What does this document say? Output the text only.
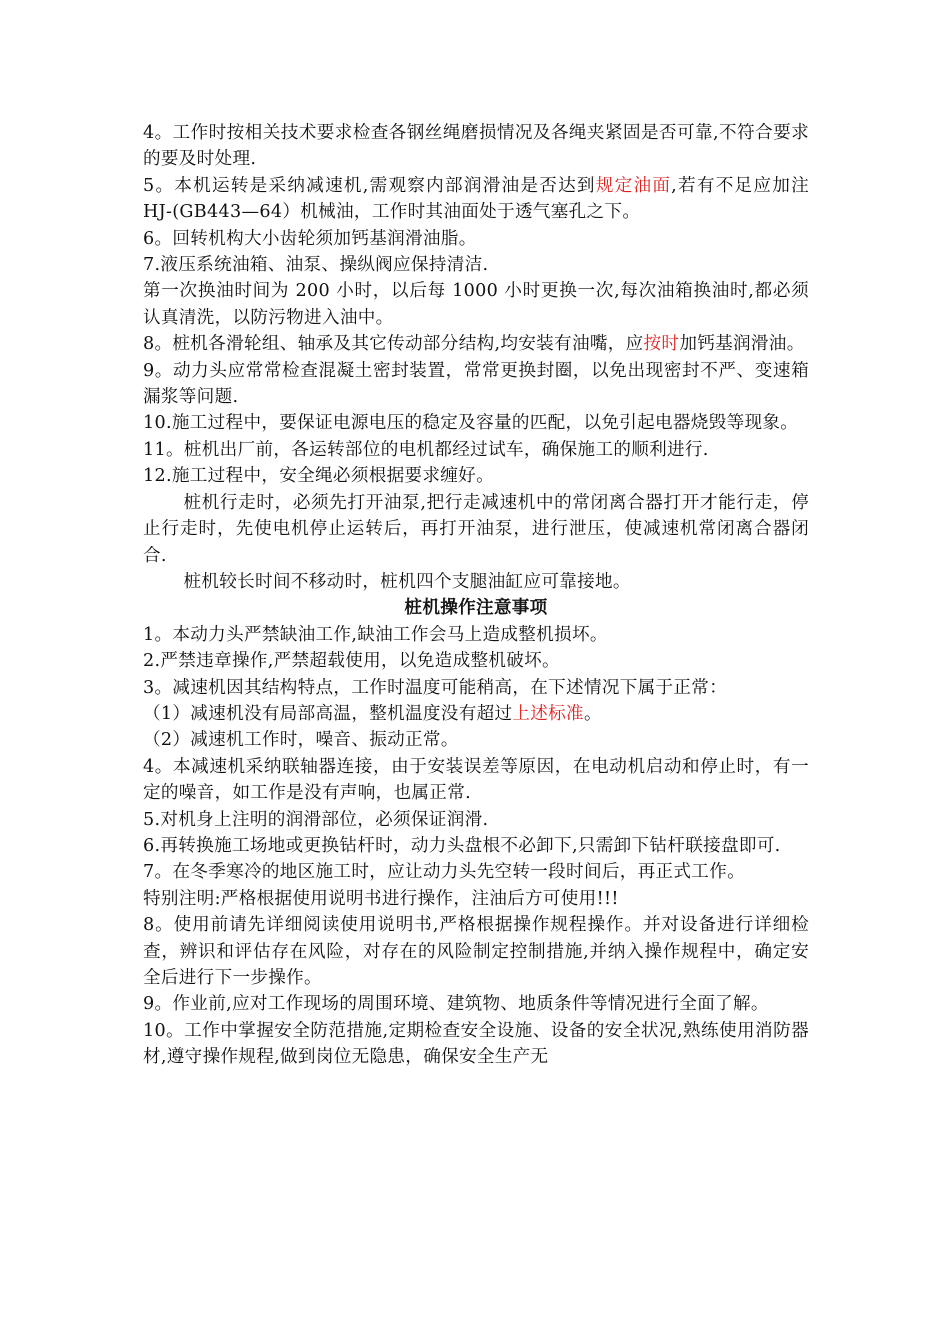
4。工作时按相关技术要求检查各钢丝绳磨损情况及各绳夹紧固是否可靠,不符合要求的要及时处理.

5。本机运转是采纳减速机,需观察内部润滑油是否达到规定油面,若有不足应加注 HJ-(GB443—64）机械油，工作时其油面处于透气塞孔之下。

6。回转机构大小齿轮须加钙基润滑油脂。

7.液压系统油箱、油泵、操纵阀应保持清洁.

第一次换油时间为 200 小时，以后每 1000 小时更换一次,每次油箱换油时,都必须认真清洗，以防污物进入油中。

8。桩机各滑轮组、轴承及其它传动部分结构,均安装有油嘴，应按时加钙基润滑油。

9。动力头应常常检查混凝土密封装置，常常更换封圈，以免出现密封不严、变速箱漏浆等问题.

10.施工过程中，要保证电源电压的稳定及容量的匹配，以免引起电器烧毁等现象。

11。桩机出厂前，各运转部位的电机都经过试车，确保施工的顺利进行.

12.施工过程中，安全绳必须根据要求缠好。

桩机行走时，必须先打开油泵,把行走减速机中的常闭离合器打开才能行走，停止行走时，先使电机停止运转后，再打开油泵，进行泄压，使减速机常闭离合器闭合.

桩机较长时间不移动时，桩机四个支腿油缸应可靠接地。

桩机操作注意事项

1。本动力头严禁缺油工作,缺油工作会马上造成整机损坏。

2.严禁违章操作,严禁超载使用，以免造成整机破坏。

3。减速机因其结构特点，工作时温度可能稍高，在下述情况下属于正常：

（1）减速机没有局部高温，整机温度没有超过上述标准。

（2）减速机工作时，噪音、振动正常。

4。本减速机采纳联轴器连接，由于安装误差等原因，在电动机启动和停止时，有一定的噪音，如工作是没有声响，也属正常.

5.对机身上注明的润滑部位，必须保证润滑.

6.再转换施工场地或更换钻杆时，动力头盘根不必卸下,只需卸下钻杆联接盘即可.

7。在冬季寒冷的地区施工时，应让动力头先空转一段时间后，再正式工作。

特别注明:严格根据使用说明书进行操作，注油后方可使用!!!

8。使用前请先详细阅读使用说明书,严格根据操作规程操作。并对设备进行详细检查，辨识和评估存在风险，对存在的风险制定控制措施,并纳入操作规程中，确定安全后进行下一步操作。

9。作业前,应对工作现场的周围环境、建筑物、地质条件等情况进行全面了解。

10。工作中掌握安全防范措施,定期检查安全设施、设备的安全状况,熟练使用消防器材,遵守操作规程,做到岗位无隐患，确保安全生产无
